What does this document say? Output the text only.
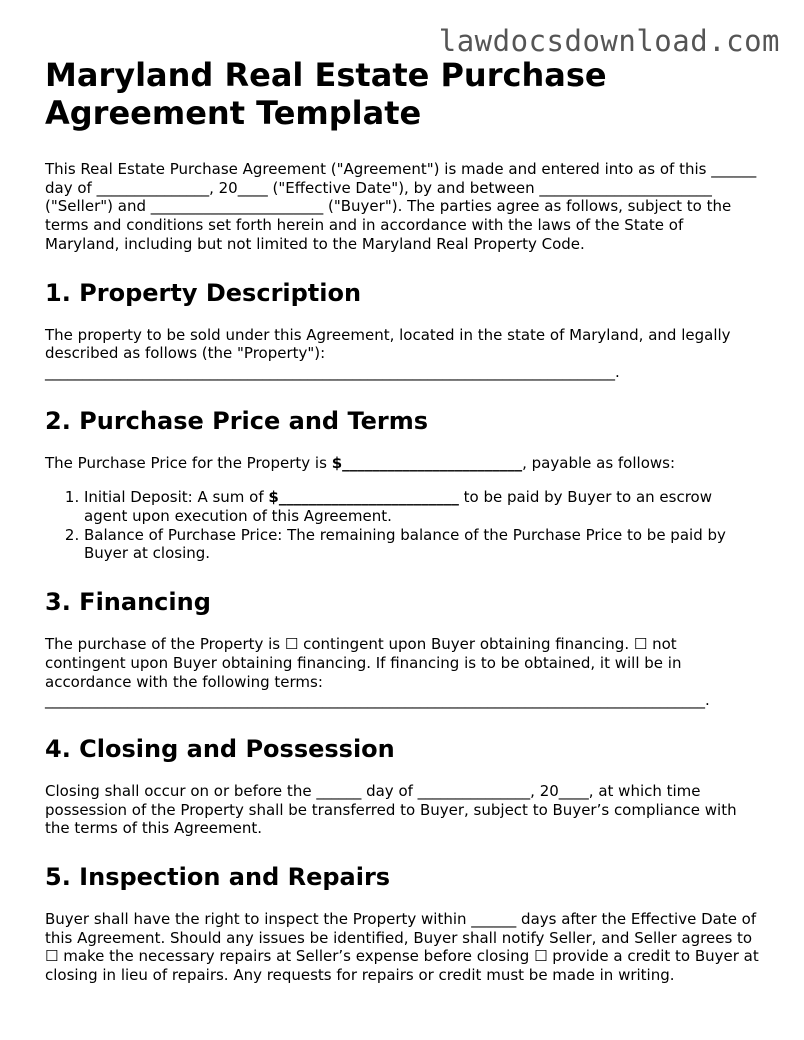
lawdocsdownload.com
Maryland Real Estate Purchase Agreement Template

This Real Estate Purchase Agreement ("Agreement") is made and entered into as of this ______ day of _______________, 20____ ("Effective Date"), by and between _______________________ ("Seller") and _______________________ ("Buyer"). The parties agree as follows, subject to the terms and conditions set forth herein and in accordance with the laws of the State of Maryland, including but not limited to the Maryland Real Property Code.

1. Property Description

The property to be sold under this Agreement, located in the state of Maryland, and legally described as follows (the "Property"): ____________________________________________________________________________.

2. Purchase Price and Terms

The Purchase Price for the Property is $________________________, payable as follows:

1. Initial Deposit: A sum of $________________________ to be paid by Buyer to an escrow agent upon execution of this Agreement.
2. Balance of Purchase Price: The remaining balance of the Purchase Price to be paid by Buyer at closing.
3. Financing

The purchase of the Property is ☐ contingent upon Buyer obtaining financing. ☐ not contingent upon Buyer obtaining financing. If financing is to be obtained, it will be in accordance with the following terms: ________________________________________________________________________________________.

4. Closing and Possession

Closing shall occur on or before the ______ day of _______________, 20____, at which time possession of the Property shall be transferred to Buyer, subject to Buyer’s compliance with the terms of this Agreement.

5. Inspection and Repairs

Buyer shall have the right to inspect the Property within ______ days after the Effective Date of this Agreement. Should any issues be identified, Buyer shall notify Seller, and Seller agrees to ☐ make the necessary repairs at Seller’s expense before closing ☐ provide a credit to Buyer at closing in lieu of repairs. Any requests for repairs or credit must be made in writing.
